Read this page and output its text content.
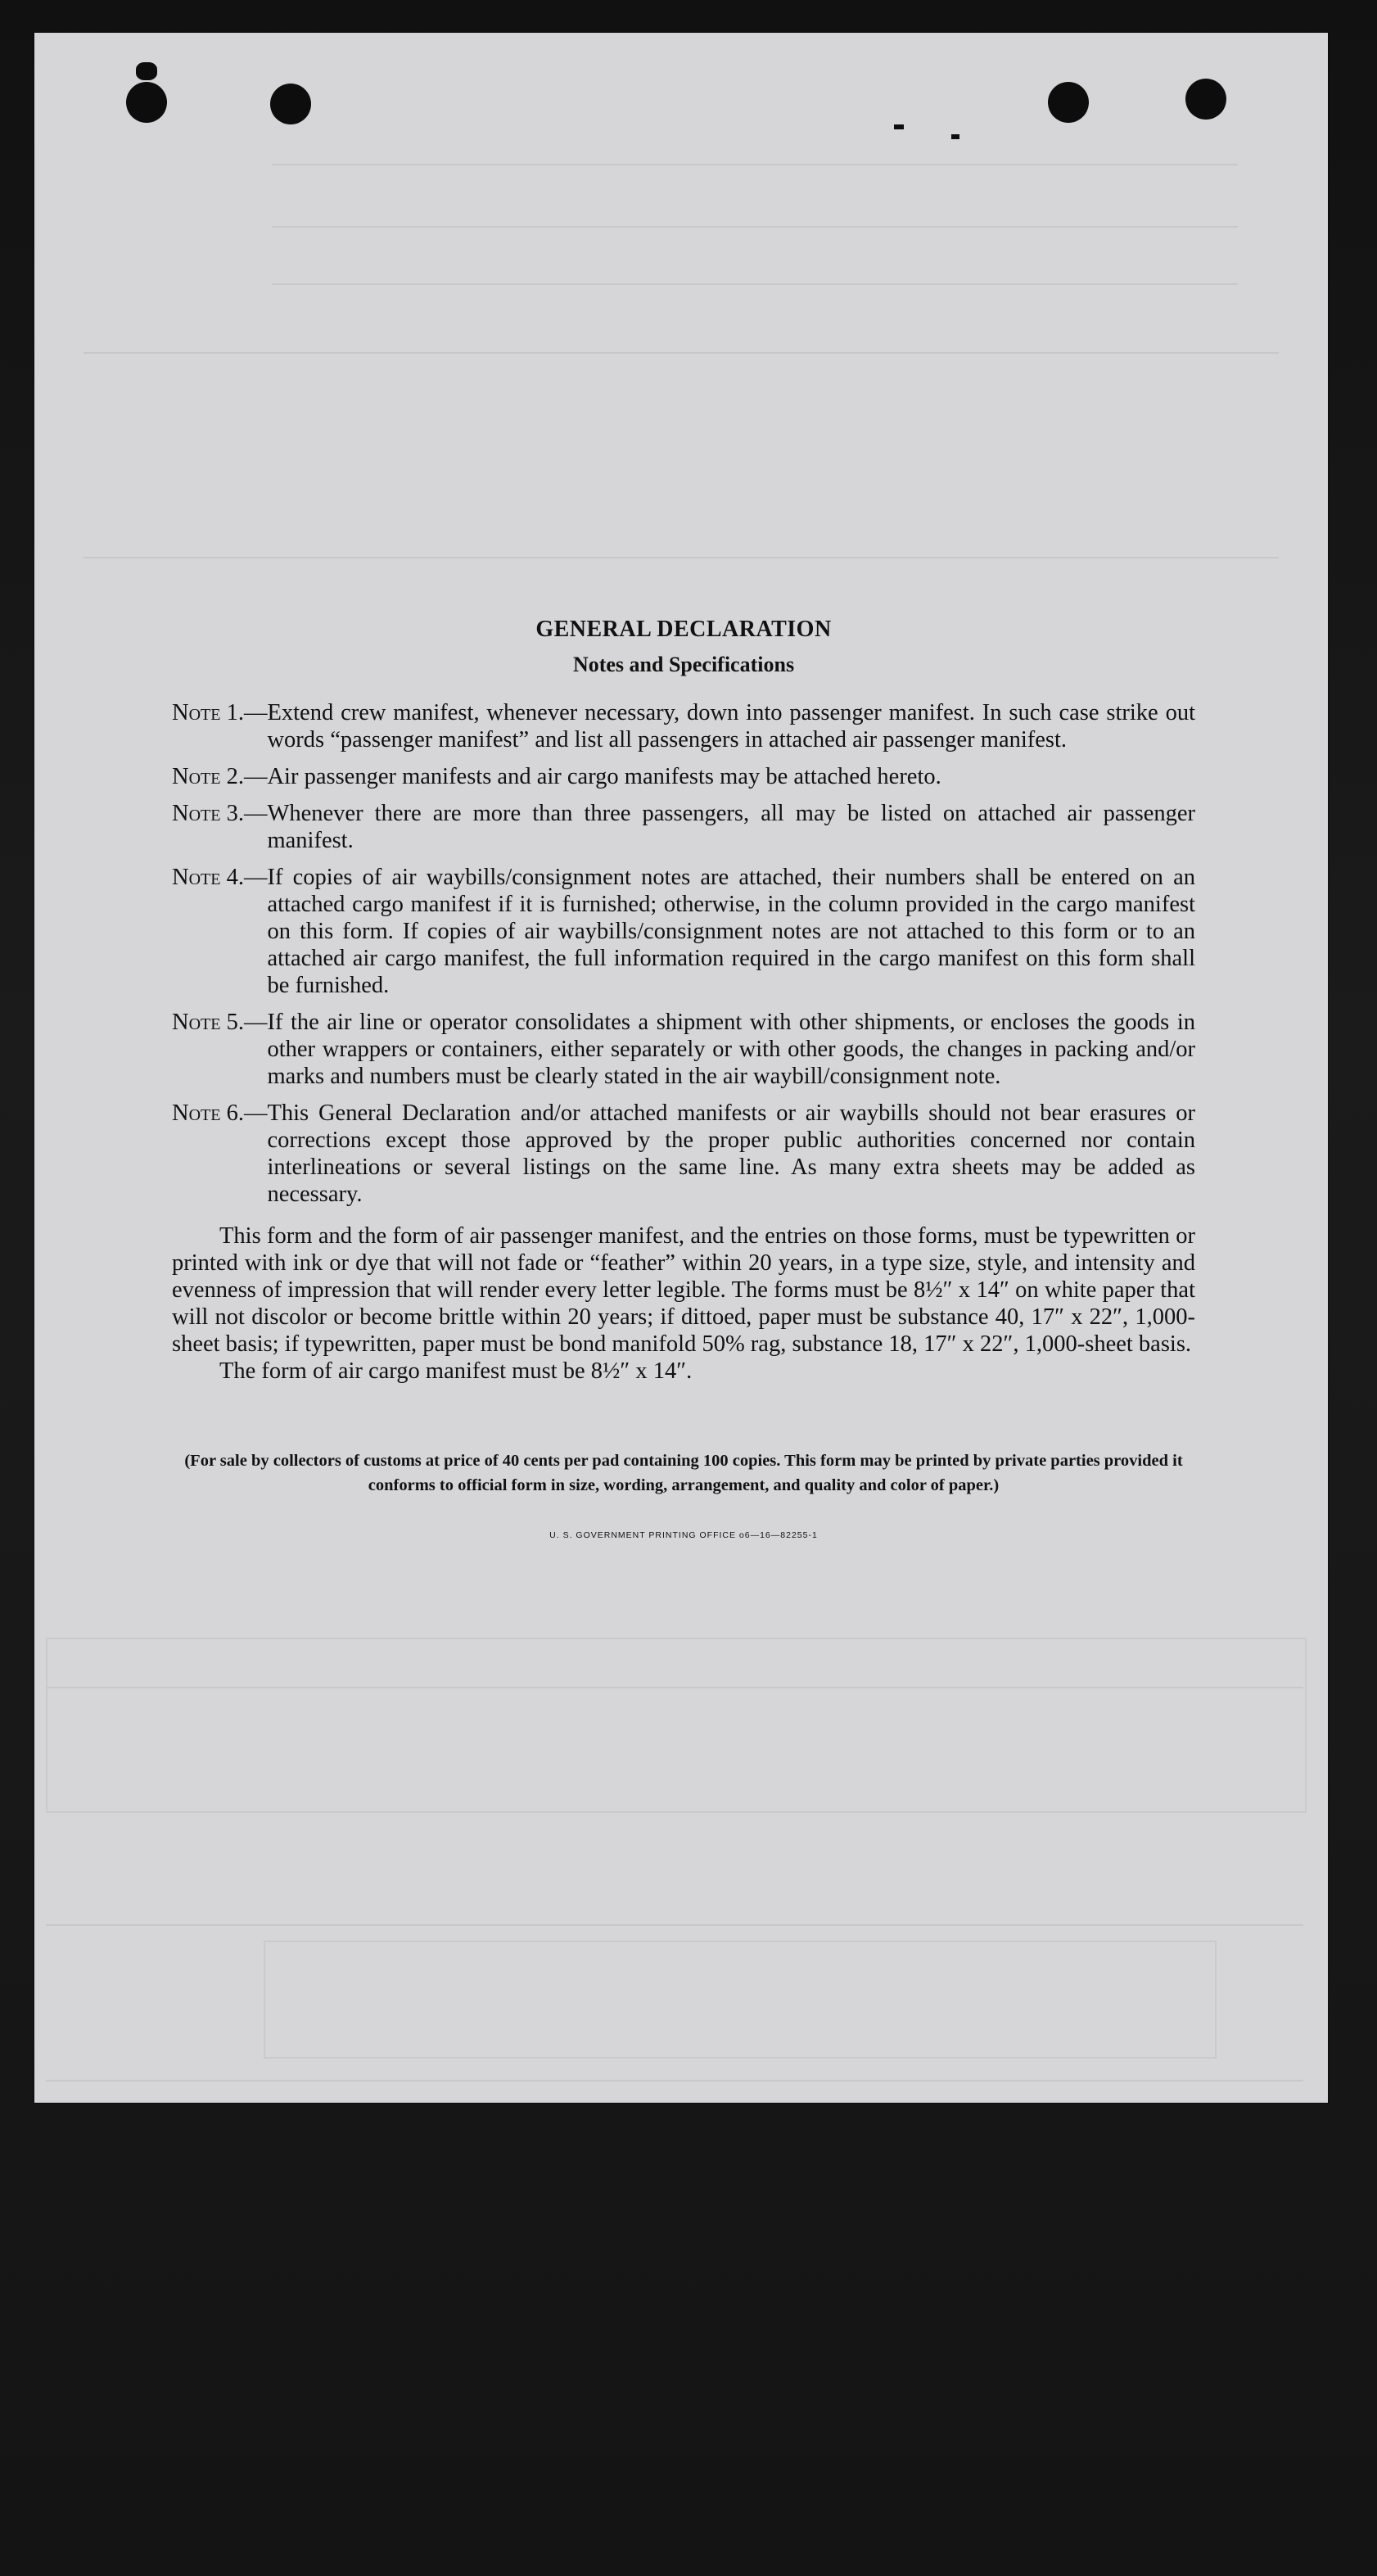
GENERAL DECLARATION
Notes and Specifications
Note 1. — Extend crew manifest, whenever necessary, down into passenger manifest. In such case strike out words “passenger manifest” and list all passengers in attached air passenger manifest.
Note 2. — Air passenger manifests and air cargo manifests may be attached hereto.
Note 3. — Whenever there are more than three passengers, all may be listed on attached air passenger manifest.
Note 4. — If copies of air waybills/consignment notes are attached, their numbers shall be entered on an attached cargo manifest if it is furnished; otherwise, in the column provided in the cargo manifest on this form. If copies of air waybills/consignment notes are not attached to this form or to an attached air cargo manifest, the full information required in the cargo manifest on this form shall be furnished.
Note 5. — If the air line or operator consolidates a shipment with other shipments, or encloses the goods in other wrappers or containers, either separately or with other goods, the changes in packing and/or marks and numbers must be clearly stated in the air waybill/consignment note.
Note 6. — This General Declaration and/or attached manifests or air waybills should not bear erasures or corrections except those approved by the proper public authorities concerned nor contain interlineations or several listings on the same line. As many extra sheets may be added as necessary.

This form and the form of air passenger manifest, and the entries on those forms, must be typewritten or printed with ink or dye that will not fade or “feather” within 20 years, in a type size, style, and intensity and evenness of impression that will render every letter legible. The forms must be 8½″ x 14″ on white paper that will not discolor or become brittle within 20 years; if dittoed, paper must be substance 40, 17″ x 22″, 1,000-sheet basis; if typewritten, paper must be bond manifold 50% rag, substance 18, 17″ x 22″, 1,000-sheet basis.

The form of air cargo manifest must be 8½″ x 14″.

(For sale by collectors of customs at price of 40 cents per pad containing 100 copies. This form may be printed by private parties provided it conforms to official form in size, wording, arrangement, and quality and color of paper.)
U. S. GOVERNMENT PRINTING OFFICE o6—16—82255-1
